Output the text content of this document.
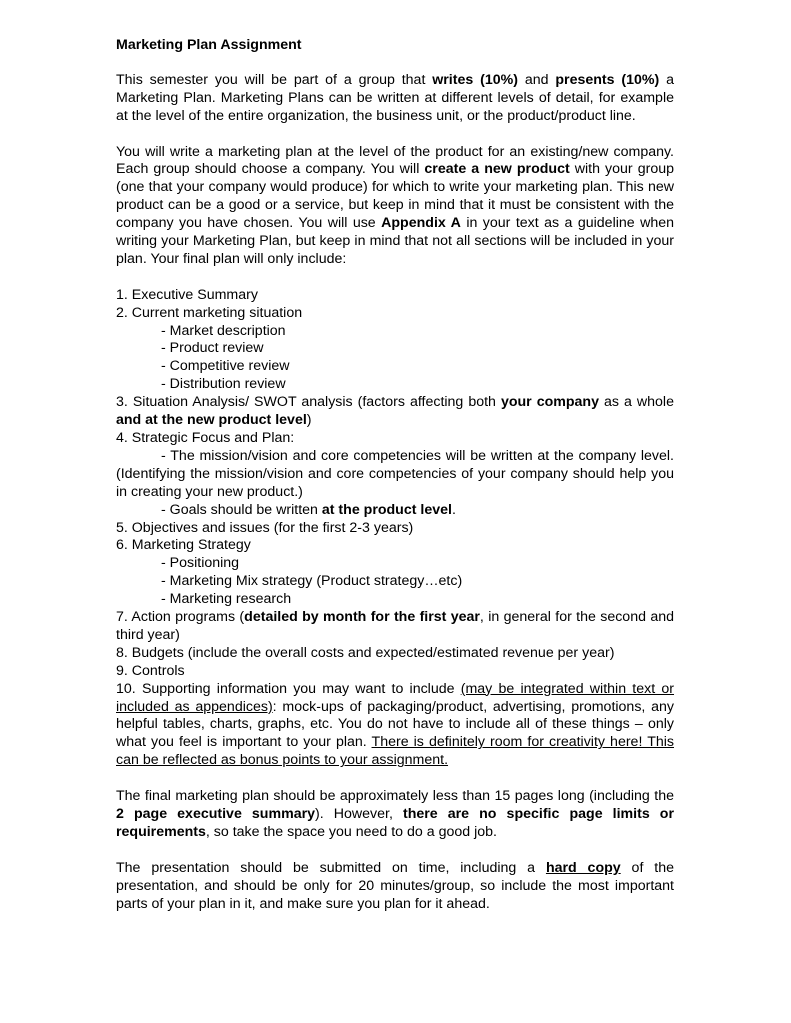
Marketing Plan Assignment

This semester you will be part of a group that writes (10%) and presents (10%) a Marketing Plan. Marketing Plans can be written at different levels of detail, for example at the level of the entire organization, the business unit, or the product/product line.

You will write a marketing plan at the level of the product for an existing/new company. Each group should choose a company. You will create a new product with your group (one that your company would produce) for which to write your marketing plan. This new product can be a good or a service, but keep in mind that it must be consistent with the company you have chosen. You will use Appendix A in your text as a guideline when writing your Marketing Plan, but keep in mind that not all sections will be included in your plan. Your final plan will only include:

1. Executive Summary
2. Current marketing situation
- Market description
- Product review
- Competitive review
- Distribution review
3. Situation Analysis/ SWOT analysis (factors affecting both your company as a whole and at the new product level)
4. Strategic Focus and Plan:
- The mission/vision and core competencies will be written at the company level. (Identifying the mission/vision and core competencies of your company should help you in creating your new product.)
- Goals should be written at the product level.
5. Objectives and issues (for the first 2-3 years)
6. Marketing Strategy
- Positioning
- Marketing Mix strategy (Product strategy…etc)
- Marketing research
7. Action programs (detailed by month for the first year, in general for the second and third year)
8. Budgets (include the overall costs and expected/estimated revenue per year)
9. Controls
10. Supporting information you may want to include (may be integrated within text or included as appendices): mock-ups of packaging/product, advertising, promotions, any helpful tables, charts, graphs, etc. You do not have to include all of these things – only what you feel is important to your plan. There is definitely room for creativity here! This can be reflected as bonus points to your assignment.

The final marketing plan should be approximately less than 15 pages long (including the 2 page executive summary). However, there are no specific page limits or requirements, so take the space you need to do a good job.

The presentation should be submitted on time, including a hard copy of the presentation, and should be only for 20 minutes/group, so include the most important parts of your plan in it, and make sure you plan for it ahead.
